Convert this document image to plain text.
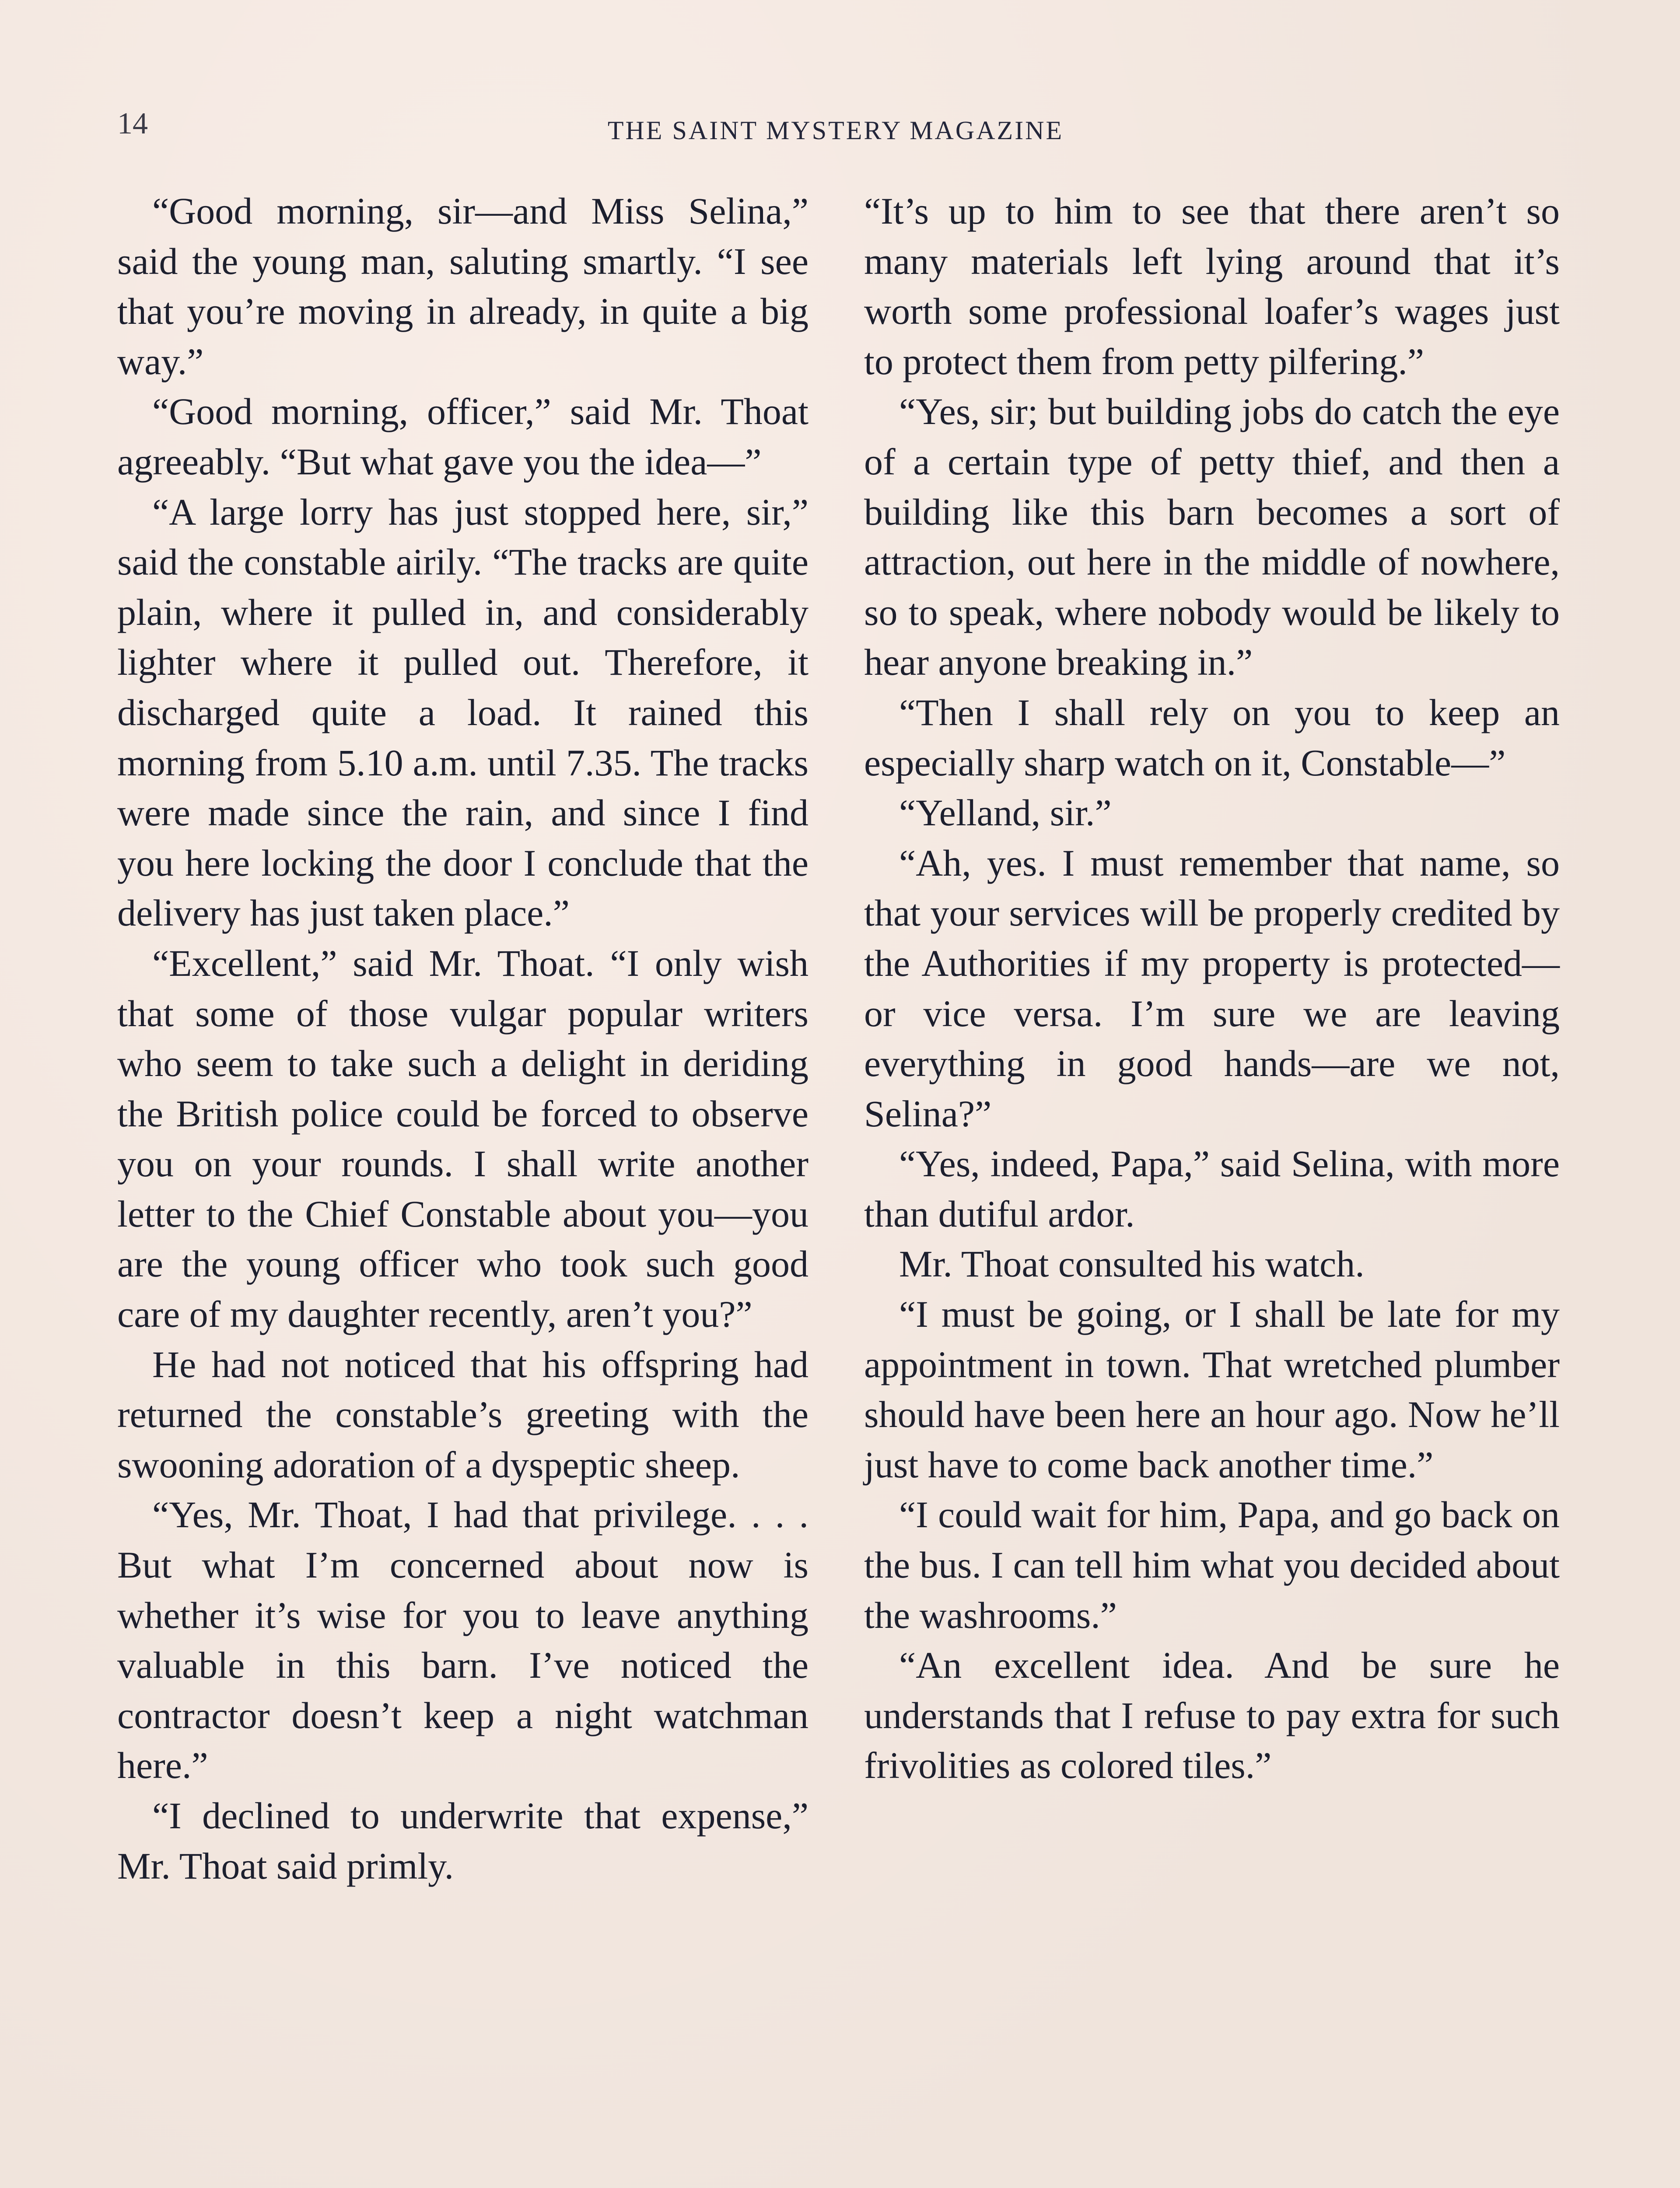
14	THE SAINT MYSTERY MAGAZINE

“Good morning, sir—and Miss Selina,” said the young man, saluting smartly. “I see that you’re moving in already, in quite a big way.”

“Good morning, officer,” said Mr. Thoat agreeably. “But what gave you the idea—”

“A large lorry has just stopped here, sir,” said the constable airily. “The tracks are quite plain, where it pulled in, and considerably lighter where it pulled out. Therefore, it discharged quite a load. It rained this morning from 5.10 a.m. until 7.35. The tracks were made since the rain, and since I find you here locking the door I conclude that the delivery has just taken place.”

“Excellent,” said Mr. Thoat. “I only wish that some of those vulgar popular writers who seem to take such a delight in deriding the British police could be forced to observe you on your rounds. I shall write another letter to the Chief Constable about you—you are the young officer who took such good care of my daughter recently, aren’t you?”

He had not noticed that his offspring had returned the constable’s greeting with the swooning adoration of a dyspeptic sheep.

“Yes, Mr. Thoat, I had that privilege. . . . But what I’m concerned about now is whether it’s wise for you to leave anything valuable in this barn. I’ve noticed the contractor doesn’t keep a night watchman here.”

“I declined to underwrite that expense,” Mr. Thoat said primly.

“It’s up to him to see that there aren’t so many materials left lying around that it’s worth some professional loafer’s wages just to protect them from petty pilfering.”

“Yes, sir; but building jobs do catch the eye of a certain type of petty thief, and then a building like this barn becomes a sort of attraction, out here in the middle of nowhere, so to speak, where nobody would be likely to hear anyone breaking in.”

“Then I shall rely on you to keep an especially sharp watch on it, Constable—”

“Yelland, sir.”

“Ah, yes. I must remember that name, so that your services will be properly credited by the Authorities if my property is protected—or vice versa. I’m sure we are leaving everything in good hands—are we not, Selina?”

“Yes, indeed, Papa,” said Selina, with more than dutiful ardor.

Mr. Thoat consulted his watch.

“I must be going, or I shall be late for my appointment in town. That wretched plumber should have been here an hour ago. Now he’ll just have to come back another time.”

“I could wait for him, Papa, and go back on the bus. I can tell him what you decided about the washrooms.”

“An excellent idea. And be sure he understands that I refuse to pay extra for such frivolities as colored tiles.”
